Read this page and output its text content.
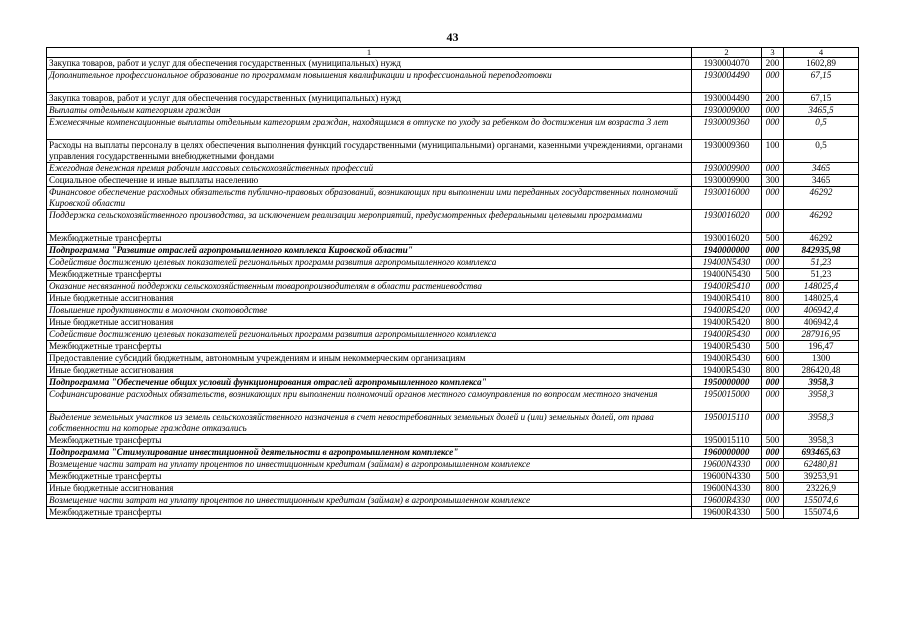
43
1	2	3	4
Закупка товаров, работ и услуг для обеспечения государственных (муниципальных) нужд	1930004070	200	1602,89
Дополнительное профессиональное образование по программам повышения квалификации и профессиональной переподготовки	1930004490	000	67,15
Закупка товаров, работ и услуг для обеспечения государственных (муниципальных) нужд	1930004490	200	67,15
Выплаты отдельным категориям граждан	1930009000	000	3465,5
Ежемесячные компенсационные выплаты отдельным категориям граждан, находящимся в отпуске по уходу за ребенком до достижения им возраста 3 лет	1930009360	000	0,5
Расходы на выплаты персоналу в целях обеспечения выполнения функций государственными (муниципальными) органами, казенными учреждениями, органами управления государственными внебюджетными фондами	1930009360	100	0,5
Ежегодная денежная премия рабочим массовых сельскохозяйственных профессий	1930009900	000	3465
Социальное обеспечение и иные выплаты населению	1930009900	300	3465
Финансовое обеспечение расходных обязательств публично-правовых образований, возникающих при выполнении ими переданных государственных полномочий Кировской области	1930016000	000	46292
Поддержка сельскохозяйственного производства, за исключением реализации мероприятий, предусмотренных федеральными целевыми программами	1930016020	000	46292
Межбюджетные трансферты	1930016020	500	46292
Подпрограмма "Развитие отраслей агропромышленного комплекса Кировской области"	1940000000	000	842935,98
Содействие достижению целевых показателей региональных программ развития агропромышленного комплекса	19400N5430	000	51,23
Межбюджетные трансферты	19400N5430	500	51,23
Оказание несвязанной поддержки сельскохозяйственным товаропроизводителям в области растениеводства	19400R5410	000	148025,4
Иные бюджетные ассигнования	19400R5410	800	148025,4
Повышение продуктивности в молочном скотоводстве	19400R5420	000	406942,4
Иные бюджетные ассигнования	19400R5420	800	406942,4
Содействие достижению целевых показателей региональных программ развития агропромышленного комплекса	19400R5430	000	287916,95
Межбюджетные трансферты	19400R5430	500	196,47
Предоставление субсидий бюджетным, автономным учреждениям и иным некоммерческим организациям	19400R5430	600	1300
Иные бюджетные ассигнования	19400R5430	800	286420,48
Подпрограмма "Обеспечение общих условий функционирования отраслей агропромышленного комплекса"	1950000000	000	3958,3
Софинансирование расходных обязательств, возникающих при выполнении полномочий органов местного самоуправления по вопросам местного значения	1950015000	000	3958,3
Выделение земельных участков из земель сельскохозяйственного назначения в счет невостребованных земельных долей и (или) земельных долей, от права собственности на которые граждане отказались	1950015110	000	3958,3
Межбюджетные трансферты	1950015110	500	3958,3
Подпрограмма "Стимулирование инвестиционной деятельности в агропромышленном комплексе"	1960000000	000	693465,63
Возмещение части затрат на уплату процентов по инвестиционным кредитам (займам) в агропромышленном комплексе	19600N4330	000	62480,81
Межбюджетные трансферты	19600N4330	500	39253,91
Иные бюджетные ассигнования	19600N4330	800	23226,9
Возмещение части затрат на уплату процентов по инвестиционным кредитам (займам) в агропромышленном комплексе	19600R4330	000	155074,6
Межбюджетные трансферты	19600R4330	500	155074,6
